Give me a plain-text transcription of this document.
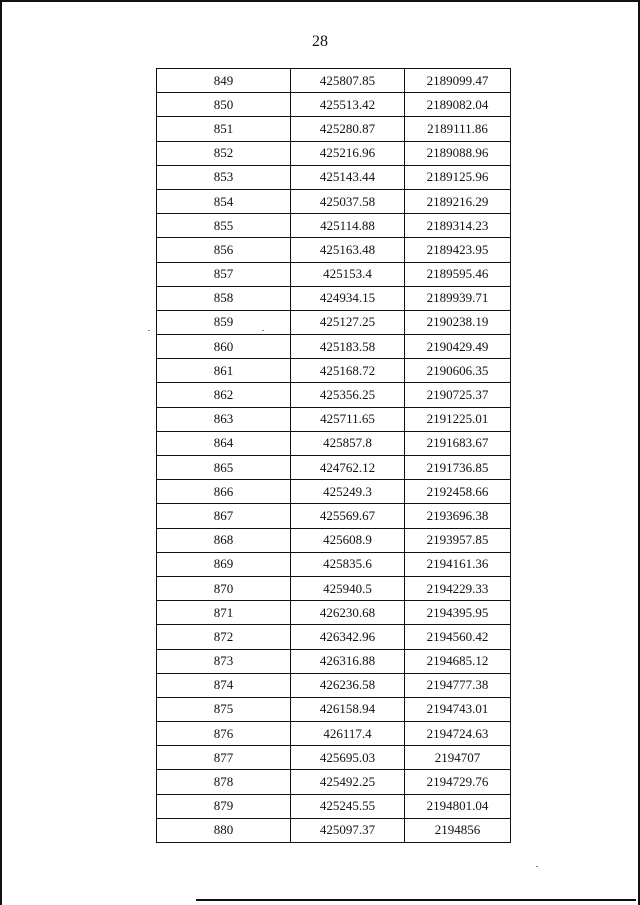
28
849	425807.85	2189099.47
850	425513.42	2189082.04
851	425280.87	2189111.86
852	425216.96	2189088.96
853	425143.44	2189125.96
854	425037.58	2189216.29
855	425114.88	2189314.23
856	425163.48	2189423.95
857	425153.4	2189595.46
858	424934.15	2189939.71
859	425127.25	2190238.19
860	425183.58	2190429.49
861	425168.72	2190606.35
862	425356.25	2190725.37
863	425711.65	2191225.01
864	425857.8	2191683.67
865	424762.12	2191736.85
866	425249.3	2192458.66
867	425569.67	2193696.38
868	425608.9	2193957.85
869	425835.6	2194161.36
870	425940.5	2194229.33
871	426230.68	2194395.95
872	426342.96	2194560.42
873	426316.88	2194685.12
874	426236.58	2194777.38
875	426158.94	2194743.01
876	426117.4	2194724.63
877	425695.03	2194707
878	425492.25	2194729.76
879	425245.55	2194801.04
880	425097.37	2194856
